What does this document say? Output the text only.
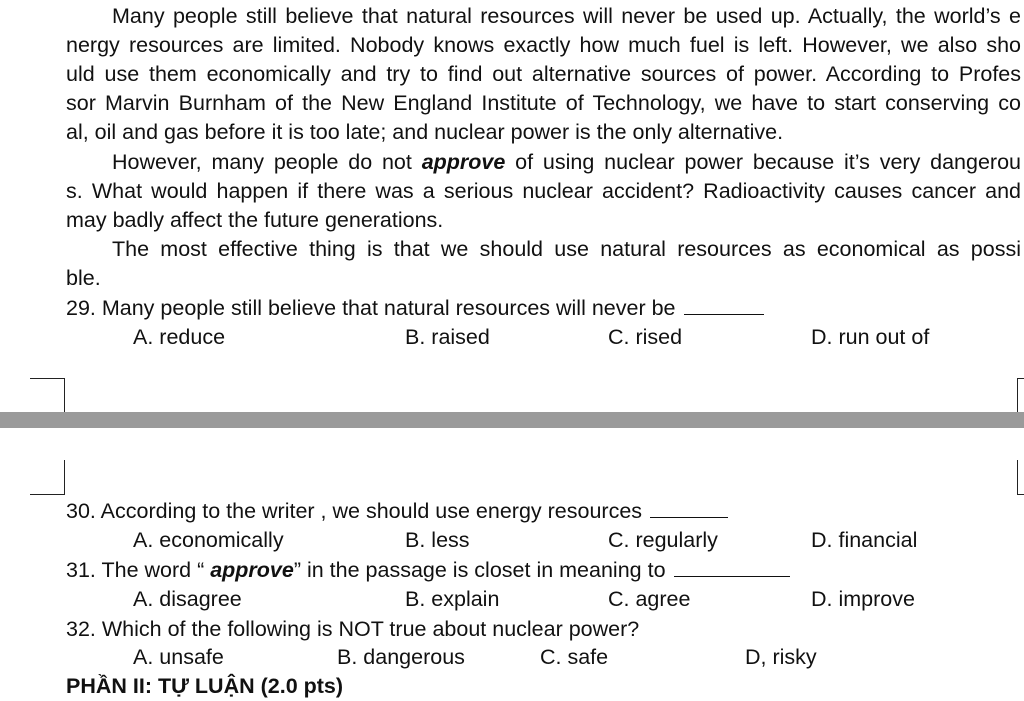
Many people still believe that natural resources will never be used up. Actually, the world’s e
nergy resources are limited. Nobody knows exactly how much fuel is left. However, we also sho
uld use them economically and try to find out alternative sources of power. According to Profes
sor Marvin Burnham of the New England Institute of Technology, we have to start conserving co
al, oil and gas before it is too late; and nuclear power is the only alternative.
However, many people do not approve of using nuclear power because it’s very dangerou
s. What would happen if there was a serious nuclear accident? Radioactivity causes cancer and
may badly affect the future generations.
The most effective thing is that we should use natural resources as economical as possi
ble.
29. Many people still believe that natural resources will never be
A. reduce	B. raised	C. rised	D. run out of
30. According to the writer , we should use energy resources
A. economically	B. less	C. regularly	D. financial
31. The word “ approve” in the passage is closet in meaning to
A. disagree	B. explain	C. agree	D. improve
32. Which of the following is NOT true about nuclear power?
A. unsafe	B. dangerous	C. safe	D, risky
PHẦN II: TỰ LUẬN (2.0 pts)
